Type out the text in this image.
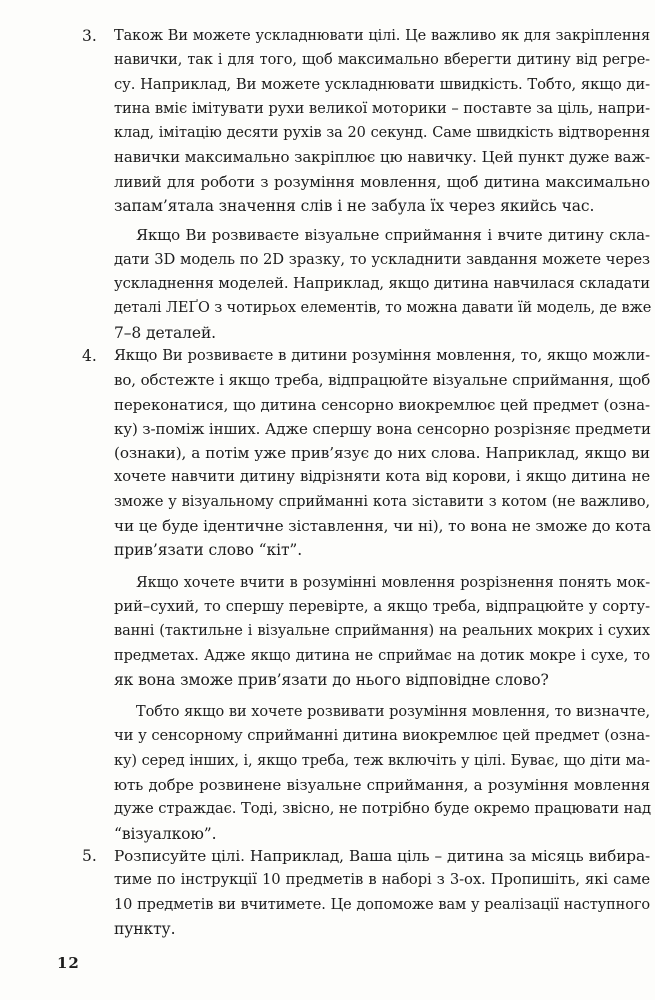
3. Також Ви можете ускладнювати цілі. Це важливо як для закріплення
навички, так і для того, щоб максимально вберегти дитину від регре-
су. Наприклад, Ви можете ускладнювати швидкість. Тобто, якщо ди-
тина вміє імітувати рухи великої моторики – поставте за ціль, напри-
клад, імітацію десяти рухів за 20 секунд. Саме швидкість відтворення
навички максимально закріплює цю навичку. Цей пункт дуже важ-
ливий для роботи з розуміння мовлення, щоб дитина максимально
запам’ятала значення слів і не забула їх через якийсь час.
Якщо Ви розвиваєте візуальне сприймання і вчите дитину скла-
дати 3D модель по 2D зразку, то ускладнити завдання можете через
ускладнення моделей. Наприклад, якщо дитина навчилася складати
деталі ЛЕҐО з чотирьох елементів, то можна давати їй модель, де вже
7–8 деталей.
4. Якщо Ви розвиваєте в дитини розуміння мовлення, то, якщо можли-
во, обстежте і якщо треба, відпрацюйте візуальне сприймання, щоб
переконатися, що дитина сенсорно виокремлює цей предмет (озна-
ку) з-поміж інших. Адже спершу вона сенсорно розрізняє предмети
(ознаки), а потім уже прив’язує до них слова. Наприклад, якщо ви
хочете навчити дитину відрізняти кота від корови, і якщо дитина не
зможе у візуальному сприйманні кота зіставити з котом (не важливо,
чи це буде ідентичне зіставлення, чи ні), то вона не зможе до кота
прив’язати слово “кіт”.
Якщо хочете вчити в розумінні мовлення розрізнення понять мок-
рий–сухий, то спершу перевірте, а якщо треба, відпрацюйте у сорту-
ванні (тактильне і візуальне сприймання) на реальних мокрих і сухих
предметах. Адже якщо дитина не сприймає на дотик мокре і сухе, то
як вона зможе прив’язати до нього відповідне слово?
Тобто якщо ви хочете розвивати розуміння мовлення, то визначте,
чи у сенсорному сприйманні дитина виокремлює цей предмет (озна-
ку) серед інших, і, якщо треба, теж включіть у цілі. Буває, що діти ма-
ють добре розвинене візуальне сприймання, а розуміння мовлення
дуже страждає. Тоді, звісно, не потрібно буде окремо працювати над
“візуалкою”.
5. Розписуйте цілі. Наприклад, Ваша ціль – дитина за місяць вибира-
тиме по інструкції 10 предметів в наборі з 3-ох. Пропишіть, які саме
10 предметів ви вчитимете. Це допоможе вам у реалізації наступного
пункту.
12
